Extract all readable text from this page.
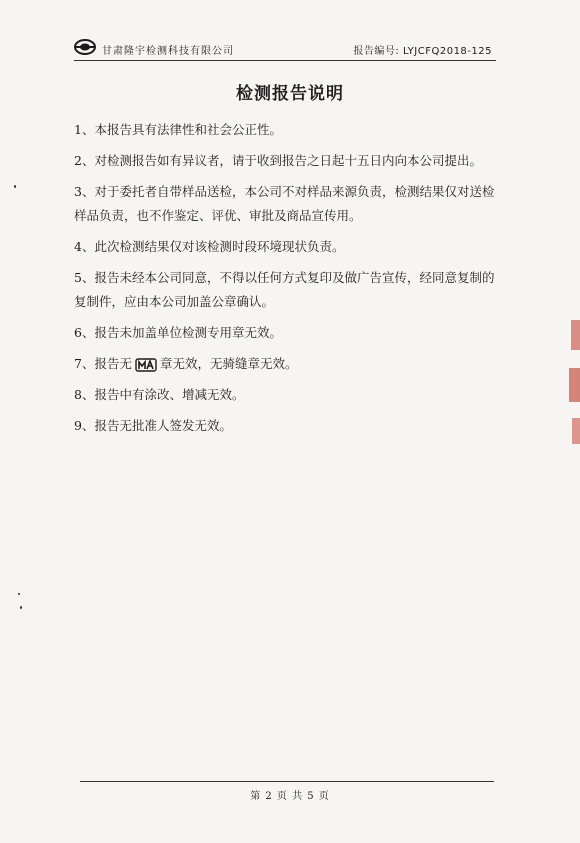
甘肃隆宇检测科技有限公司	报告编号: LYJCFQ2018-125
检测报告说明
1、本报告具有法律性和社会公正性。
2、对检测报告如有异议者，请于收到报告之日起十五日内向本公司提出。
3、对于委托者自带样品送检，本公司不对样品来源负责，检测结果仅对送检样品负责，也不作鉴定、评优、审批及商品宣传用。
4、此次检测结果仅对该检测时段环境现状负责。
5、报告未经本公司同意，不得以任何方式复印及做广告宣传，经同意复制的复制件，应由本公司加盖公章确认。
6、报告未加盖单位检测专用章无效。
7、报告无 章无效，无骑缝章无效。
8、报告中有涂改、增减无效。
9、报告无批准人签发无效。
第 2 页 共 5 页
